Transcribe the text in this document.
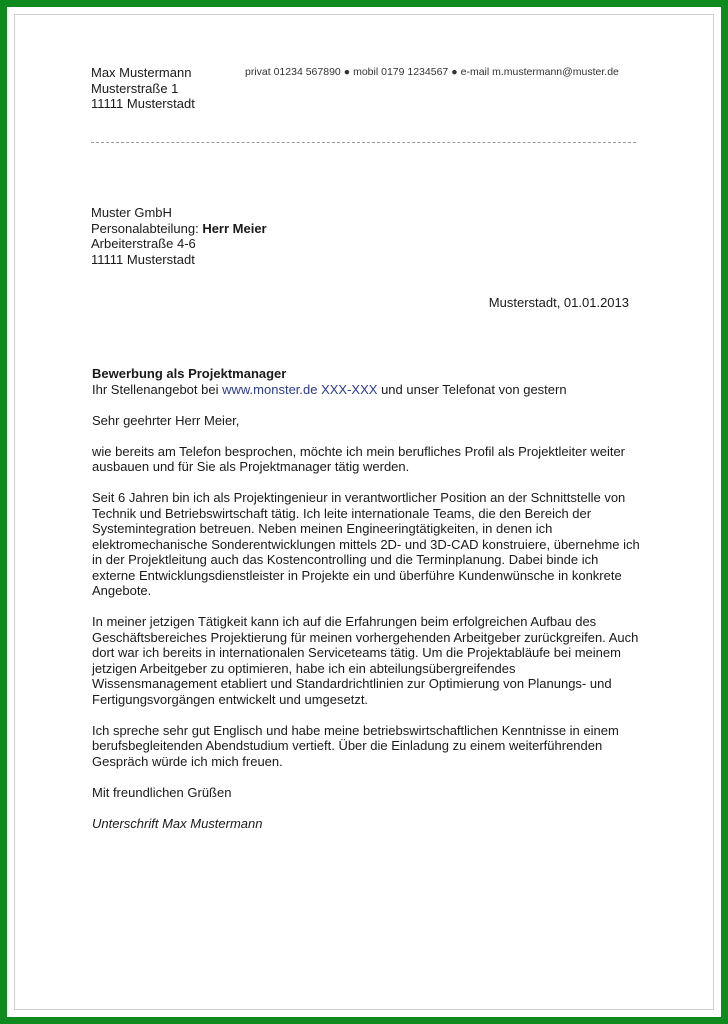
Max Mustermann
Musterstraße 1
11111 Musterstadt
privat 01234 567890 ● mobil 0179 1234567 ● e-mail m.mustermann@muster.de
Muster GmbH
Personalabteilung: Herr Meier
Arbeiterstraße 4-6
11111 Musterstadt
Musterstadt, 01.01.2013
Bewerbung als Projektmanager
Ihr Stellenangebot bei www.monster.de XXX-XXX und unser Telefonat von gestern
Sehr geehrter Herr Meier,
wie bereits am Telefon besprochen, möchte ich mein berufliches Profil als Projektleiter weiter ausbauen und für Sie als Projektmanager tätig werden.
Seit 6 Jahren bin ich als Projektingenieur in verantwortlicher Position an der Schnittstelle von Technik und Betriebswirtschaft tätig. Ich leite internationale Teams, die den Bereich der Systemintegration betreuen. Neben meinen Engineeringtätigkeiten, in denen ich elektromechanische Sonderentwicklungen mittels 2D- und 3D-CAD konstruiere, übernehme ich in der Projektleitung auch das Kostencontrolling und die Terminplanung. Dabei binde ich externe Entwicklungsdienstleister in Projekte ein und überführe Kundenwünsche in konkrete Angebote.
In meiner jetzigen Tätigkeit kann ich auf die Erfahrungen beim erfolgreichen Aufbau des Geschäftsbereiches Projektierung für meinen vorhergehenden Arbeitgeber zurückgreifen. Auch dort war ich bereits in internationalen Serviceteams tätig. Um die Projektabläufe bei meinem jetzigen Arbeitgeber zu optimieren, habe ich ein abteilungsübergreifendes Wissensmanagement etabliert und Standardrichtlinien zur Optimierung von Planungs- und Fertigungsvorgängen entwickelt und umgesetzt.
Ich spreche sehr gut Englisch und habe meine betriebswirtschaftlichen Kenntnisse in einem berufsbegleitenden Abendstudium vertieft. Über die Einladung zu einem weiterführenden Gespräch würde ich mich freuen.
Mit freundlichen Grüßen
Unterschrift Max Mustermann
